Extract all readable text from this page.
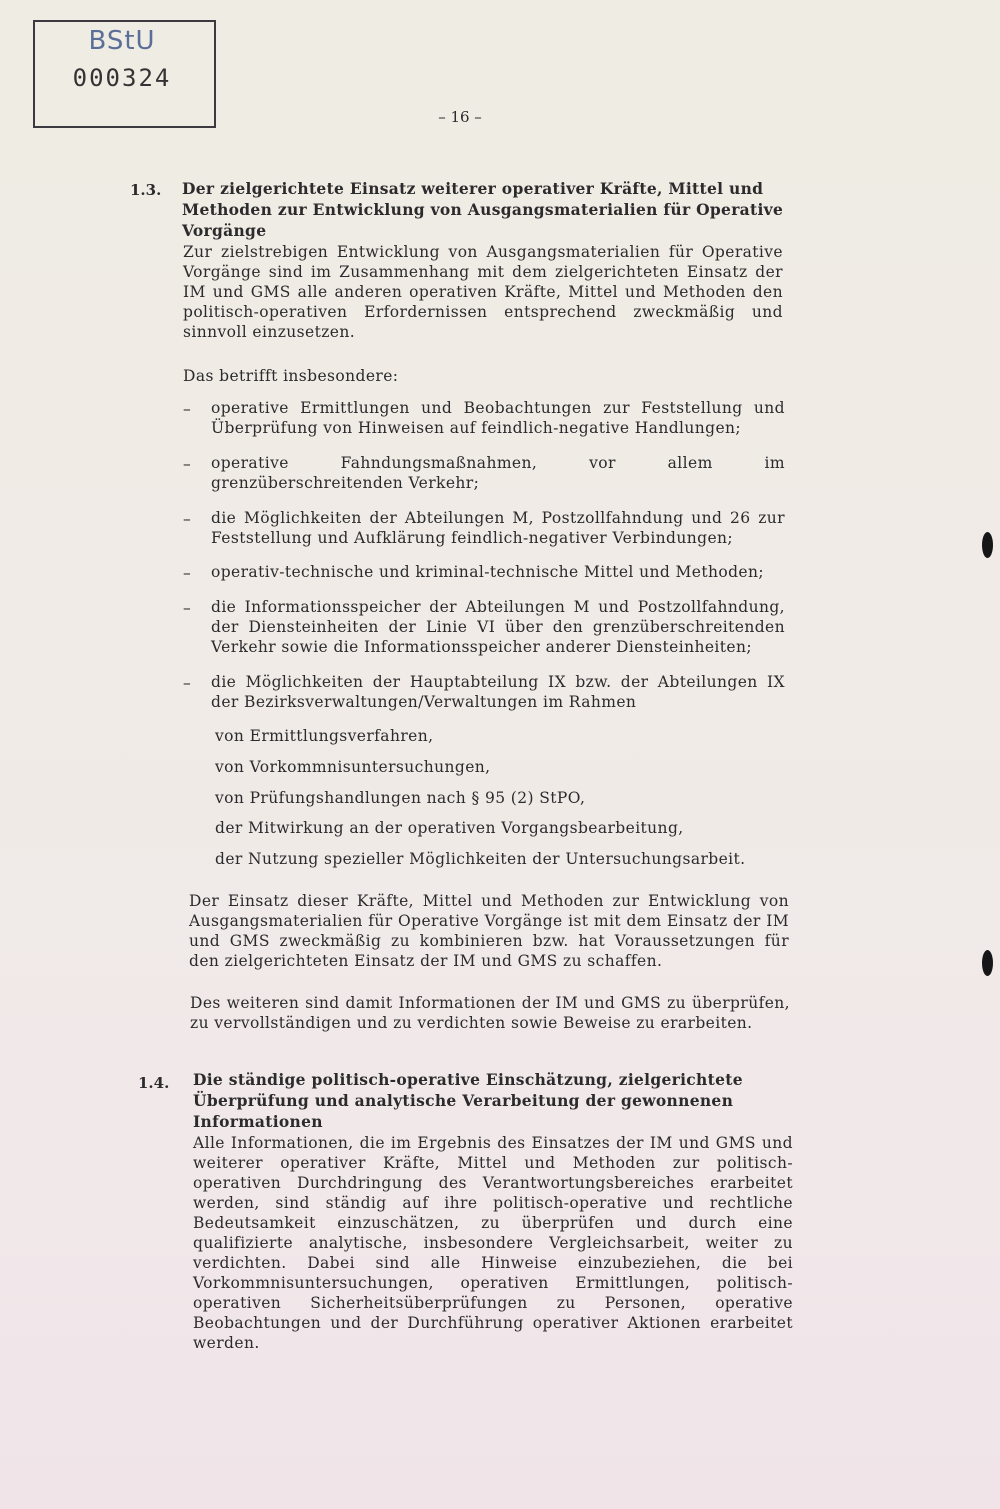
BStU
000324
– 16 –
1.3. Der zielgerichtete Einsatz weiterer operativer Kräfte, Mittel und Methoden zur Entwicklung von Ausgangsmaterialien für Operative Vorgänge
Zur zielstrebigen Entwicklung von Ausgangsmaterialien für Operative Vorgänge sind im Zusammenhang mit dem zielgerichteten Einsatz der IM und GMS alle anderen operativen Kräfte, Mittel und Methoden den politisch-operativen Erfordernissen entsprechend zweckmäßig und sinnvoll einzusetzen.
Das betrifft insbesondere:
– operative Ermittlungen und Beobachtungen zur Feststellung und Überprüfung von Hinweisen auf feindlich-negative Handlungen;
– operative Fahndungsmaßnahmen, vor allem im grenzüberschreitenden Verkehr;
– die Möglichkeiten der Abteilungen M, Postzollfahndung und 26 zur Feststellung und Aufklärung feindlich-negativer Verbindungen;
– operativ-technische und kriminal-technische Mittel und Methoden;
– die Informationsspeicher der Abteilungen M und Postzollfahndung, der Diensteinheiten der Linie VI über den grenzüberschreitenden Verkehr sowie die Informationsspeicher anderer Diensteinheiten;
– die Möglichkeiten der Hauptabteilung IX bzw. der Abteilungen IX der Bezirksverwaltungen/Verwaltungen im Rahmen
von Ermittlungsverfahren,
von Vorkommnisuntersuchungen,
von Prüfungshandlungen nach § 95 (2) StPO,
der Mitwirkung an der operativen Vorgangsbearbeitung,
der Nutzung spezieller Möglichkeiten der Untersuchungsarbeit.
Der Einsatz dieser Kräfte, Mittel und Methoden zur Entwicklung von Ausgangsmaterialien für Operative Vorgänge ist mit dem Einsatz der IM und GMS zweckmäßig zu kombinieren bzw. hat Voraussetzungen für den zielgerichteten Einsatz der IM und GMS zu schaffen.
Des weiteren sind damit Informationen der IM und GMS zu überprüfen, zu vervollständigen und zu verdichten sowie Beweise zu erarbeiten.
1.4. Die ständige politisch-operative Einschätzung, zielgerichtete Überprüfung und analytische Verarbeitung der gewonnenen Informationen
Alle Informationen, die im Ergebnis des Einsatzes der IM und GMS und weiterer operativer Kräfte, Mittel und Methoden zur politisch-operativen Durchdringung des Verantwortungsbereiches erarbeitet werden, sind ständig auf ihre politisch-operative und rechtliche Bedeutsamkeit einzuschätzen, zu überprüfen und durch eine qualifizierte analytische, insbesondere Vergleichsarbeit, weiter zu verdichten. Dabei sind alle Hinweise einzubeziehen, die bei Vorkommnisuntersuchungen, operativen Ermittlungen, politisch-operativen Sicherheitsüberprüfungen zu Personen, operative Beobachtungen und der Durchführung operativer Aktionen erarbeitet werden.
